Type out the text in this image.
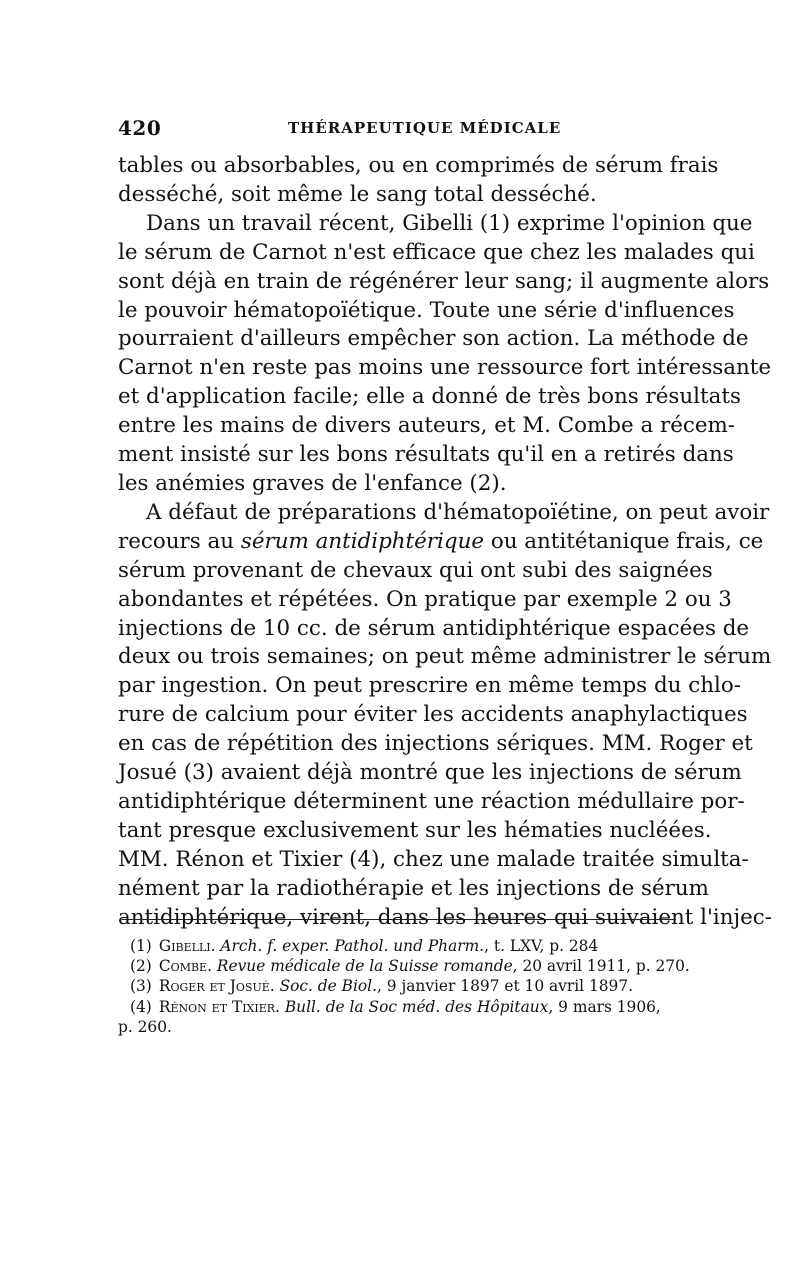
420	THÉRAPEUTIQUE MÉDICALE
tables ou absorbables, ou en comprimés de sérum frais
desséché, soit même le sang total desséché.
Dans un travail récent, Gibelli (1) exprime l'opinion que
le sérum de Carnot n'est efficace que chez les malades qui
sont déjà en train de régénérer leur sang; il augmente alors
le pouvoir hématopoïétique. Toute une série d'influences
pourraient d'ailleurs empêcher son action. La méthode de
Carnot n'en reste pas moins une ressource fort intéressante
et d'application facile; elle a donné de très bons résultats
entre les mains de divers auteurs, et M. Combe a récem-
ment insisté sur les bons résultats qu'il en a retirés dans
les anémies graves de l'enfance (2).
A défaut de préparations d'hématopoïétine, on peut avoir
recours au sérum antidiphtérique ou antitétanique frais, ce
sérum provenant de chevaux qui ont subi des saignées
abondantes et répétées. On pratique par exemple 2 ou 3
injections de 10 cc. de sérum antidiphtérique espacées de
deux ou trois semaines; on peut même administrer le sérum
par ingestion. On peut prescrire en même temps du chlo-
rure de calcium pour éviter les accidents anaphylactiques
en cas de répétition des injections sériques. MM. Roger et
Josué (3) avaient déjà montré que les injections de sérum
antidiphtérique déterminent une réaction médullaire por-
tant presque exclusivement sur les hématies nucléées.
MM. Rénon et Tixier (4), chez une malade traitée simulta-
nément par la radiothérapie et les injections de sérum
antidiphtérique, virent, dans les heures qui suivaient l'injec-
(1) Gibelli. Arch. f. exper. Pathol. und Pharm., t. LXV, p. 284
(2) Combe. Revue médicale de la Suisse romande, 20 avril 1911, p. 270.
(3) Roger et Josué. Soc. de Biol., 9 janvier 1897 et 10 avril 1897.
(4) Rénon et Tixier. Bull. de la Soc méd. des Hôpitaux, 9 mars 1906,
p. 260.
